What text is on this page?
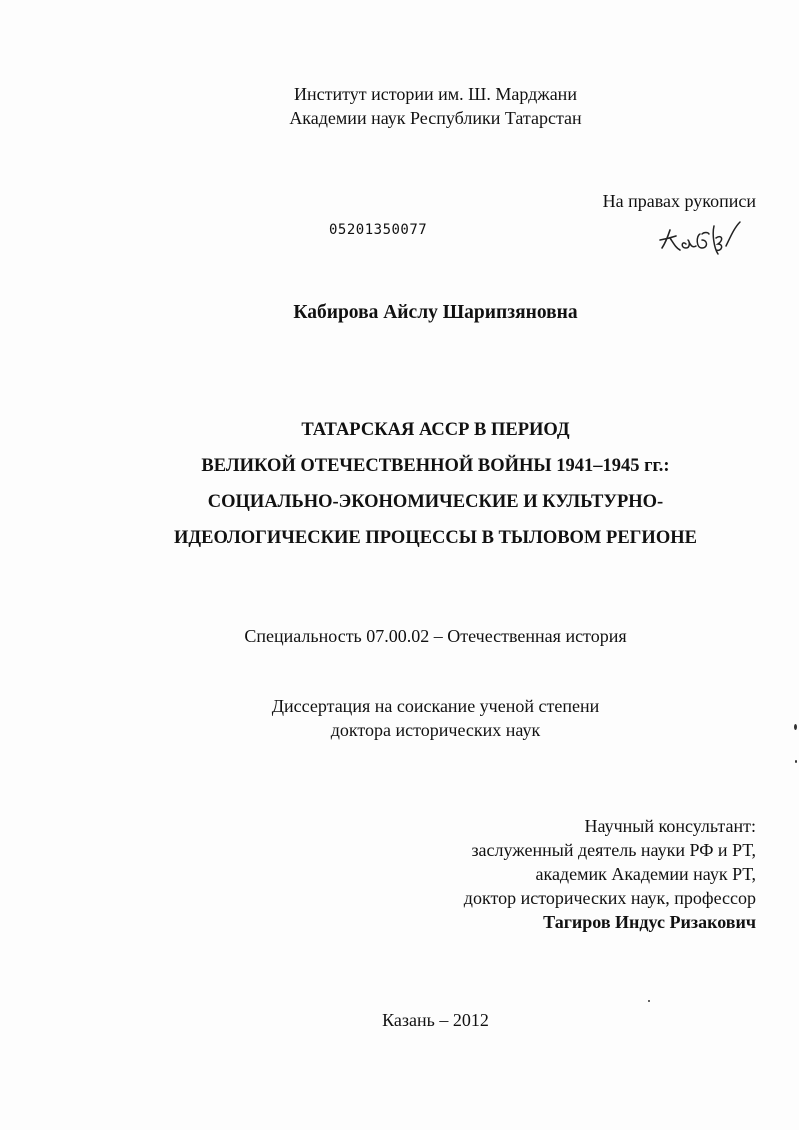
Институт истории им. Ш. Марджани
Академии наук Республики Татарстан
На правах рукописи
05201350077
Кабирова Айслу Шарипзяновна
ТАТАРСКАЯ АССР В ПЕРИОД
ВЕЛИКОЙ ОТЕЧЕСТВЕННОЙ ВОЙНЫ 1941–1945 гг.:
СОЦИАЛЬНО-ЭКОНОМИЧЕСКИЕ И КУЛЬТУРНО-
ИДЕОЛОГИЧЕСКИЕ ПРОЦЕССЫ В ТЫЛОВОМ РЕГИОНЕ
Специальность 07.00.02 – Отечественная история
Диссертация на соискание ученой степени
доктора исторических наук
Научный консультант:
заслуженный деятель науки РФ и РТ,
академик Академии наук РТ,
доктор исторических наук, профессор
Тагиров Индус Ризакович
Казань – 2012
